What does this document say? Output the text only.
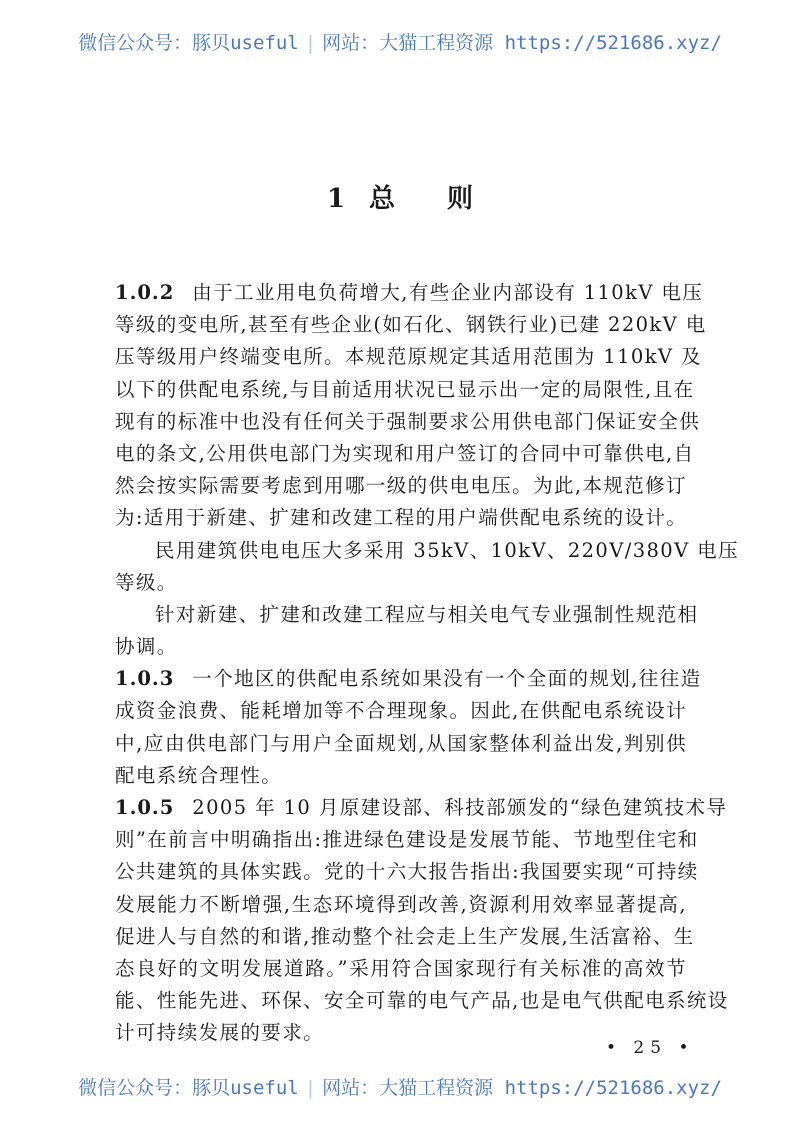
微信公众号：豚贝useful | 网站：大猫工程资源 https://521686.xyz/
1 总 则
1.0.2 由于工业用电负荷增大,有些企业内部设有 110kV 电压
等级的变电所,甚至有些企业(如石化、钢铁行业)已建 220kV 电
压等级用户终端变电所。本规范原规定其适用范围为 110kV 及
以下的供配电系统,与目前适用状况已显示出一定的局限性,且在
现有的标准中也没有任何关于强制要求公用供电部门保证安全供
电的条文,公用供电部门为实现和用户签订的合同中可靠供电,自
然会按实际需要考虑到用哪一级的供电电压。为此,本规范修订
为:适用于新建、扩建和改建工程的用户端供配电系统的设计。
民用建筑供电电压大多采用 35kV、10kV、220V/380V 电压
等级。
针对新建、扩建和改建工程应与相关电气专业强制性规范相
协调。
1.0.3 一个地区的供配电系统如果没有一个全面的规划,往往造
成资金浪费、能耗增加等不合理现象。因此,在供配电系统设计
中,应由供电部门与用户全面规划,从国家整体利益出发,判别供
配电系统合理性。
1.0.5 2005 年 10 月原建设部、科技部颁发的“绿色建筑技术导
则”在前言中明确指出:推进绿色建设是发展节能、节地型住宅和
公共建筑的具体实践。党的十六大报告指出:我国要实现“可持续
发展能力不断增强,生态环境得到改善,资源利用效率显著提高,
促进人与自然的和谐,推动整个社会走上生产发展,生活富裕、生
态良好的文明发展道路。”采用符合国家现行有关标准的高效节
能、性能先进、环保、安全可靠的电气产品,也是电气供配电系统设
计可持续发展的要求。
• 25 •
微信公众号：豚贝useful | 网站：大猫工程资源 https://521686.xyz/
